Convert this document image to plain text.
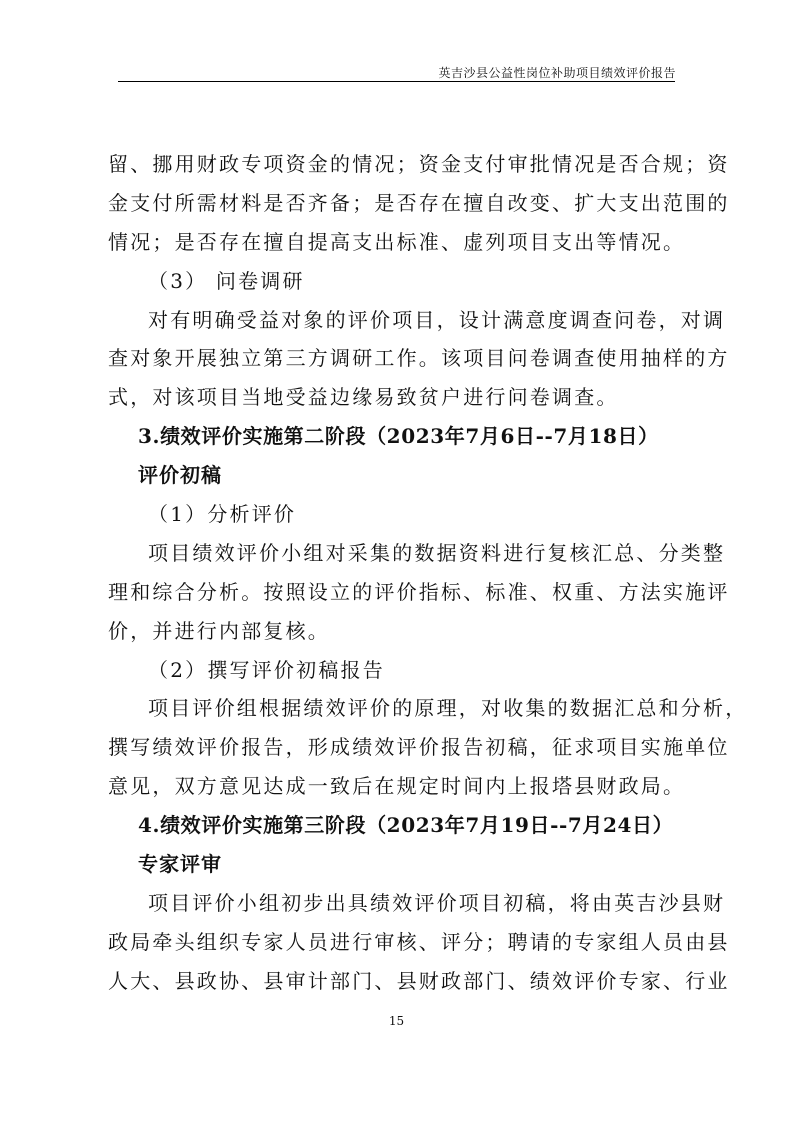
英吉沙县公益性岗位补助项目绩效评价报告
留、挪用财政专项资金的情况；资金支付审批情况是否合规；资
金支付所需材料是否齐备；是否存在擅自改变、扩大支出范围的
情况；是否存在擅自提高支出标准、虚列项目支出等情况。
（3） 问卷调研
对有明确受益对象的评价项目，设计满意度调查问卷，对调
查对象开展独立第三方调研工作。该项目问卷调查使用抽样的方
式，对该项目当地受益边缘易致贫户进行问卷调查。
3.绩效评价实施第二阶段（2023年7月6日--7月18日）
评价初稿
（1）分析评价
项目绩效评价小组对采集的数据资料进行复核汇总、分类整
理和综合分析。按照设立的评价指标、标准、权重、方法实施评
价，并进行内部复核。
（2）撰写评价初稿报告
项目评价组根据绩效评价的原理，对收集的数据汇总和分析，
撰写绩效评价报告，形成绩效评价报告初稿，征求项目实施单位
意见，双方意见达成一致后在规定时间内上报塔县财政局。
4.绩效评价实施第三阶段（2023年7月19日--7月24日）
专家评审
项目评价小组初步出具绩效评价项目初稿，将由英吉沙县财
政局牵头组织专家人员进行审核、评分；聘请的专家组人员由县
人大、县政协、县审计部门、县财政部门、绩效评价专家、行业
15
